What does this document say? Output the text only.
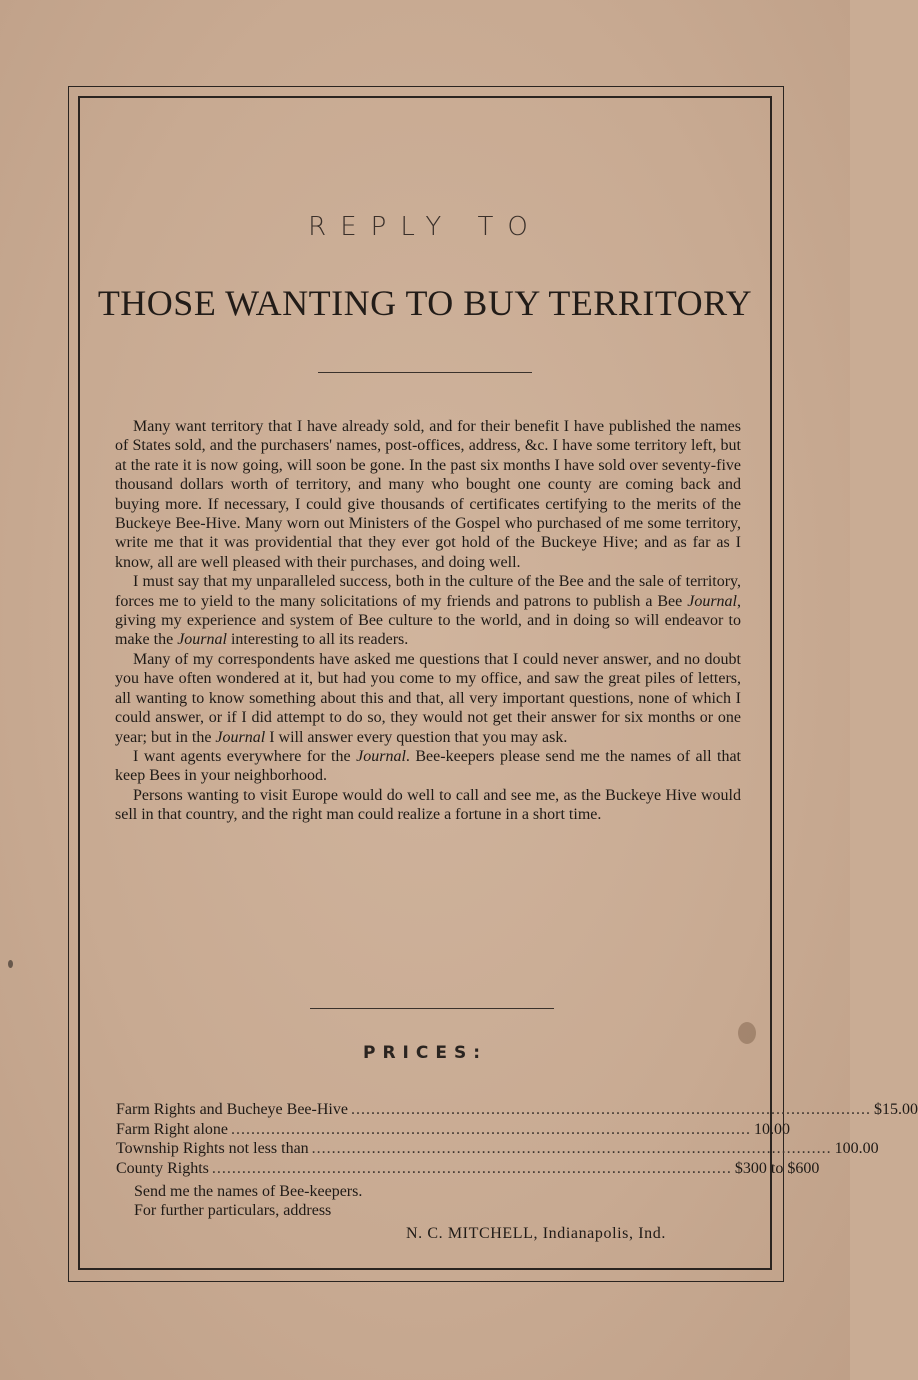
REPLY TO
THOSE WANTING TO BUY TERRITORY

Many want territory that I have already sold, and for their benefit I have published the names of States sold, and the purchasers' names, post-offices, address, &c. I have some territory left, but at the rate it is now going, will soon be gone. In the past six months I have sold over seventy-five thousand dollars worth of territory, and many who bought one county are coming back and buying more. If necessary, I could give thousands of certificates certifying to the merits of the Buckeye Bee-Hive. Many worn out Ministers of the Gospel who purchased of me some territory, write me that it was providential that they ever got hold of the Buckeye Hive; and as far as I know, all are well pleased with their purchases, and doing well.

I must say that my unparalleled success, both in the culture of the Bee and the sale of territory, forces me to yield to the many solicitations of my friends and patrons to publish a Bee Journal, giving my experience and system of Bee culture to the world, and in doing so will endeavor to make the Journal interesting to all its readers.

Many of my correspondents have asked me questions that I could never answer, and no doubt you have often wondered at it, but had you come to my office, and saw the great piles of letters, all wanting to know something about this and that, all very important questions, none of which I could answer, or if I did attempt to do so, they would not get their answer for six months or one year; but in the Journal I will answer every question that you may ask.

I want agents everywhere for the Journal. Bee-keepers please send me the names of all that keep Bees in your neighborhood.

Persons wanting to visit Europe would do well to call and see me, as the Buckeye Hive would sell in that country, and the right man could realize a fortune in a short time.

PRICES:
Farm Rights and Bucheye Bee-Hive ........................................................................................................ $15.00
Farm Right alone ........................................................................................................ 10.00
Township Rights not less than ........................................................................................................ 100.00
County Rights ........................................................................................................ $300 to $600
Send me the names of Bee-keepers.
For further particulars, address
N. C. MITCHELL, Indianapolis, Ind.
